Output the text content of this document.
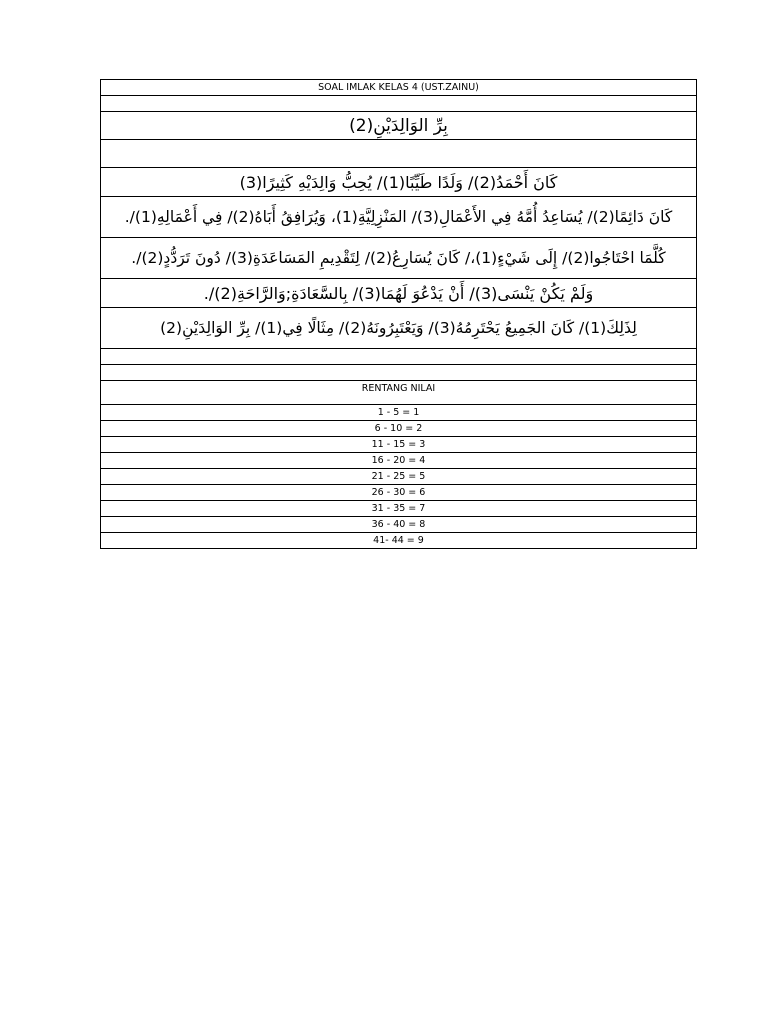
SOAL IMLAK KELAS 4 (UST.ZAINU)

بِرِّ الوَالِدَيْنِ(2)

كَانَ أَحْمَدُ(2)/ وَلَدًا طَيِّبًا(1)/ يُحِبُّ وَالِدَيْهِ كَثِيرًا(3)
كَانَ دَائِمًا(2)/ يُسَاعِدُ أُمَّهُ فِي الأَعْمَالِ(3)/ المَنْزِلِيَّةِ(1)، وَيُرَافِقُ أَبَاهُ(2)/ فِي أَعْمَالِهِ(1)/.
كُلَّمَا احْتَاجُوا(2)/ إِلَى شَيْءٍ(1)،/ كَانَ يُسَارِعُ(2)/ لِتَقْدِيمِ المَسَاعَدَةِ(3)/ دُونَ تَرَدُّدٍ(2)/.
وَلَمْ يَكُنْ يَنْسَى(3)/ أَنْ يَدْعُوَ لَهُمَا(3)/ بِالسَّعَادَةِ;وَالرَّاحَةِ(2)/.
لِذَلِكَ(1)/ كَانَ الجَمِيعُ يَحْتَرِمُهُ(3)/ وَيَعْتَبِرُونَهُ(2)/ مِثَالًا فِي(1)/ بِرِّ الوَالِدَيْنِ(2)

RENTANG NILAI
1 - 5 = 1
6 - 10 = 2
11 - 15 = 3
16 - 20 = 4
21 - 25 = 5
26 - 30 = 6
31 - 35 = 7
36 - 40 = 8
41- 44 = 9
